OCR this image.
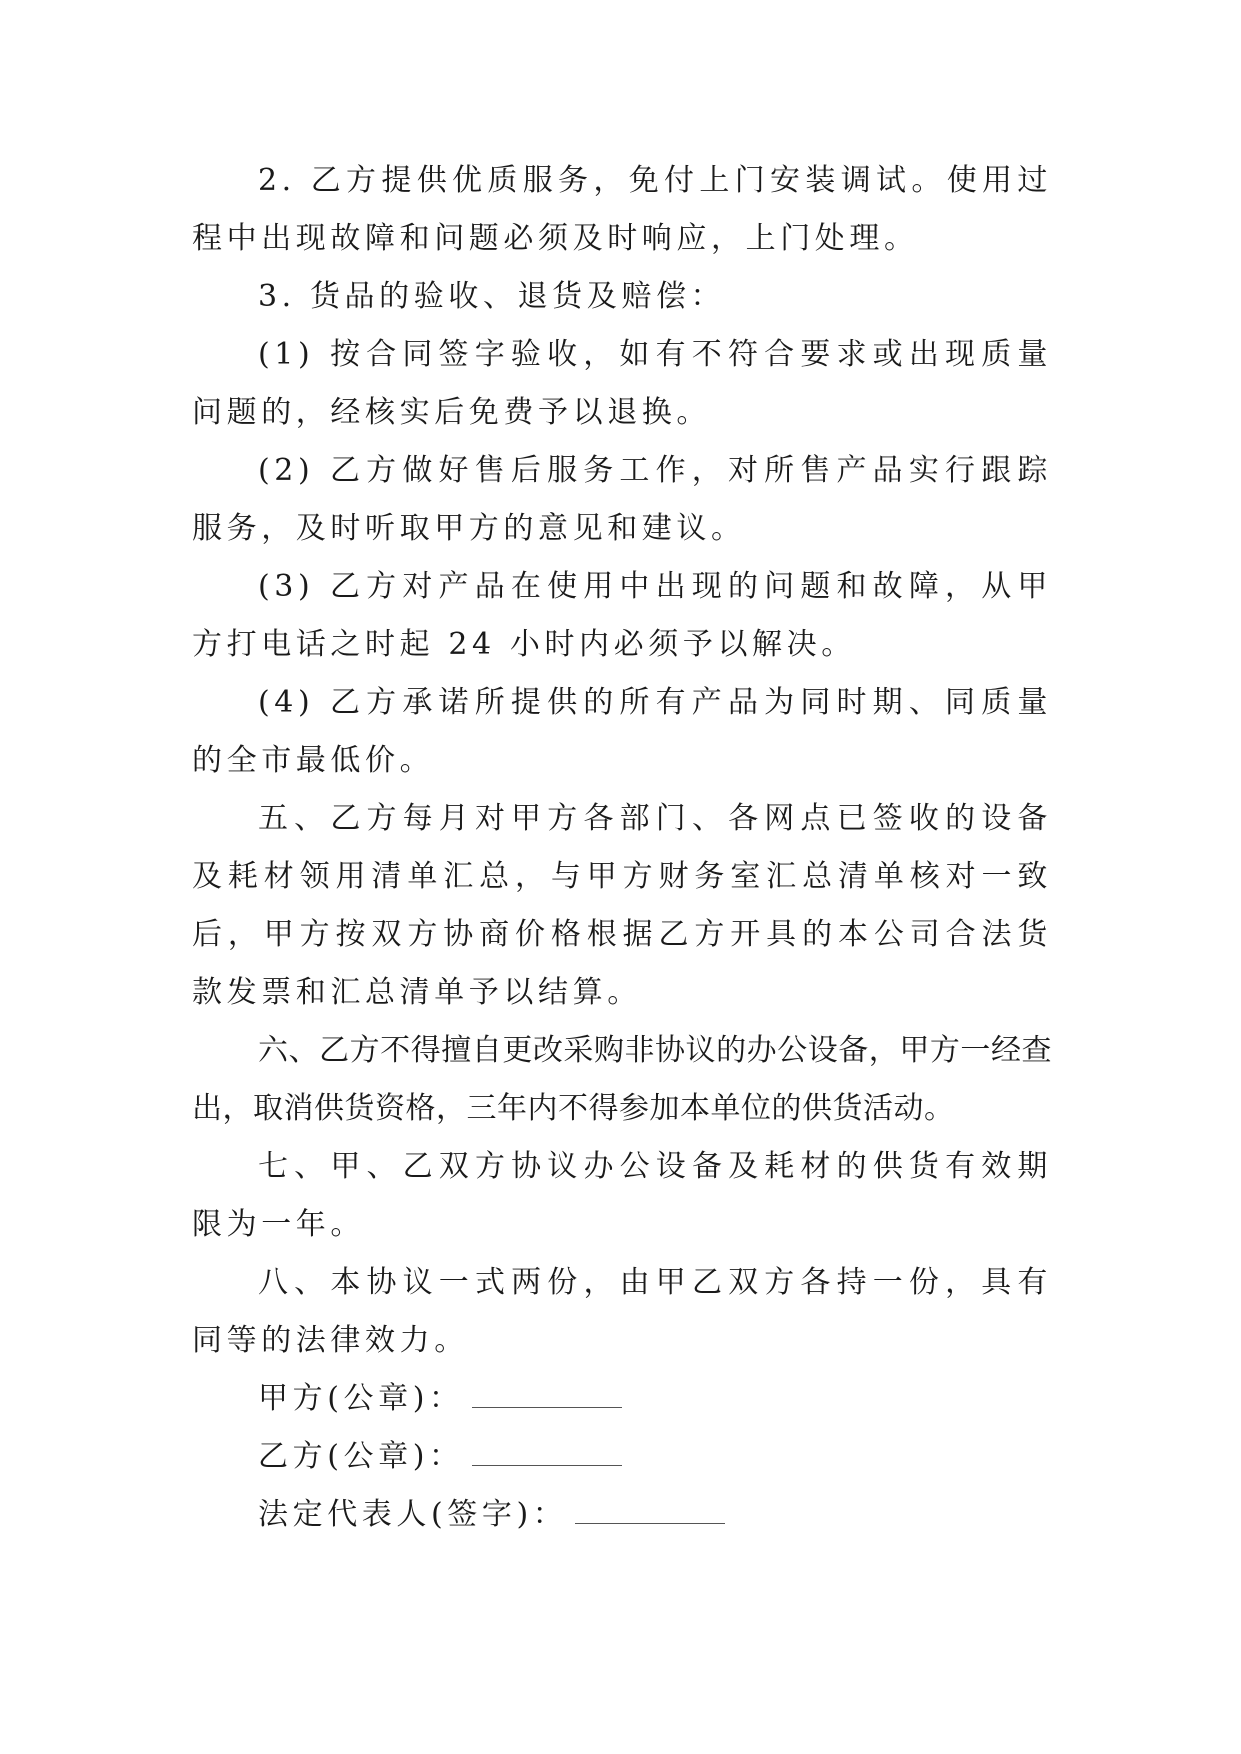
2. 乙方提供优质服务，免付上门安装调试。使用过程中出现故障和问题必须及时响应，上门处理。

3. 货品的验收、退货及赔偿：

(1) 按合同签字验收，如有不符合要求或出现质量问题的，经核实后免费予以退换。

(2) 乙方做好售后服务工作，对所售产品实行跟踪服务，及时听取甲方的意见和建议。

(3) 乙方对产品在使用中出现的问题和故障，从甲方打电话之时起 24 小时内必须予以解决。

(4) 乙方承诺所提供的所有产品为同时期、同质量的全市最低价。

五、乙方每月对甲方各部门、各网点已签收的设备及耗材领用清单汇总，与甲方财务室汇总清单核对一致后，甲方按双方协商价格根据乙方开具的本公司合法货款发票和汇总清单予以结算。

六、乙方不得擅自更改采购非协议的办公设备，甲方一经查出，取消供货资格，三年内不得参加本单位的供货活动。

七、甲、乙双方协议办公设备及耗材的供货有效期限为一年。

八、本协议一式两份，由甲乙双方各持一份，具有同等的法律效力。

甲方(公章)：

乙方(公章)：

法定代表人(签字)：
